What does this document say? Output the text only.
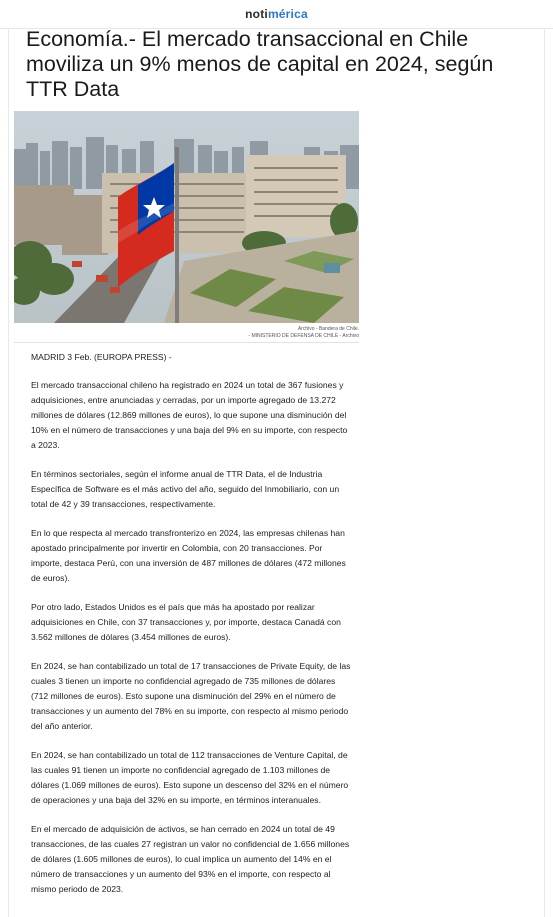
notimérica
Economía.- El mercado transaccional en Chile moviliza un 9% menos de capital en 2024, según TTR Data
Archivo - Bandera de Chile.
- MINISTERIO DE DEFENSA DE CHILE - Archivo

MADRID 3 Feb. (EUROPA PRESS) -

El mercado transaccional chileno ha registrado en 2024 un total de 367 fusiones y adquisiciones, entre anunciadas y cerradas, por un importe agregado de 13.272 millones de dólares (12.869 millones de euros), lo que supone una disminución del 10% en el número de transacciones y una baja del 9% en su importe, con respecto a 2023.

En términos sectoriales, según el informe anual de TTR Data, el de Industria Específica de Software es el más activo del año, seguido del Inmobiliario, con un total de 42 y 39 transacciones, respectivamente.

En lo que respecta al mercado transfronterizo en 2024, las empresas chilenas han apostado principalmente por invertir en Colombia, con 20 transacciones. Por importe, destaca Perú, con una inversión de 487 millones de dólares (472 millones de euros).

Por otro lado, Estados Unidos es el país que más ha apostado por realizar adquisiciones en Chile, con 37 transacciones y, por importe, destaca Canadá con 3.562 millones de dólares (3.454 millones de euros).

En 2024, se han contabilizado un total de 17 transacciones de Private Equity, de las cuales 3 tienen un importe no confidencial agregado de 735 millones de dólares (712 millones de euros). Esto supone una disminución del 29% en el número de transacciones y un aumento del 78% en su importe, con respecto al mismo periodo del año anterior.

En 2024, se han contabilizado un total de 112 transacciones de Venture Capital, de las cuales 91 tienen un importe no confidencial agregado de 1.103 millones de dólares (1.069 millones de euros). Esto supone un descenso del 32% en el número de operaciones y una baja del 32% en su importe, en términos interanuales.

En el mercado de adquisición de activos, se han cerrado en 2024 un total de 49 transacciones, de las cuales 27 registran un valor no confidencial de 1.656 millones de dólares (1.605 millones de euros), lo cual implica un aumento del 14% en el número de transacciones y un aumento del 93% en el importe, con respecto al mismo periodo de 2023.
